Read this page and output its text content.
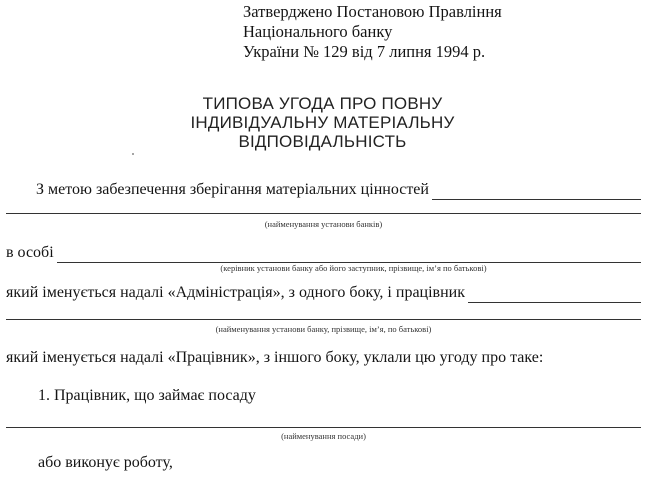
Затверджено Постановою Правління
Національного банку
України № 129 від 7 липня 1994 р.
ТИПОВА УГОДА ПРО ПОВНУ
ІНДИВІДУАЛЬНУ МАТЕРІАЛЬНУ
ВІДПОВІДАЛЬНІСТЬ
З метою забезпечення зберігання матеріальних цінностей
(найменування установи банків)
в особі
(керівник установи банку або його заступник, прізвище, ім’я по батькові)
який іменується надалі «Адміністрація», з одного боку, і працівник
(найменування установи банку, прізвище, ім’я, по батькові)
який іменується надалі «Працівник», з іншого боку, уклали цю угоду про таке:
1. Працівник, що займає посаду
(найменування посади)
або виконує роботу,
